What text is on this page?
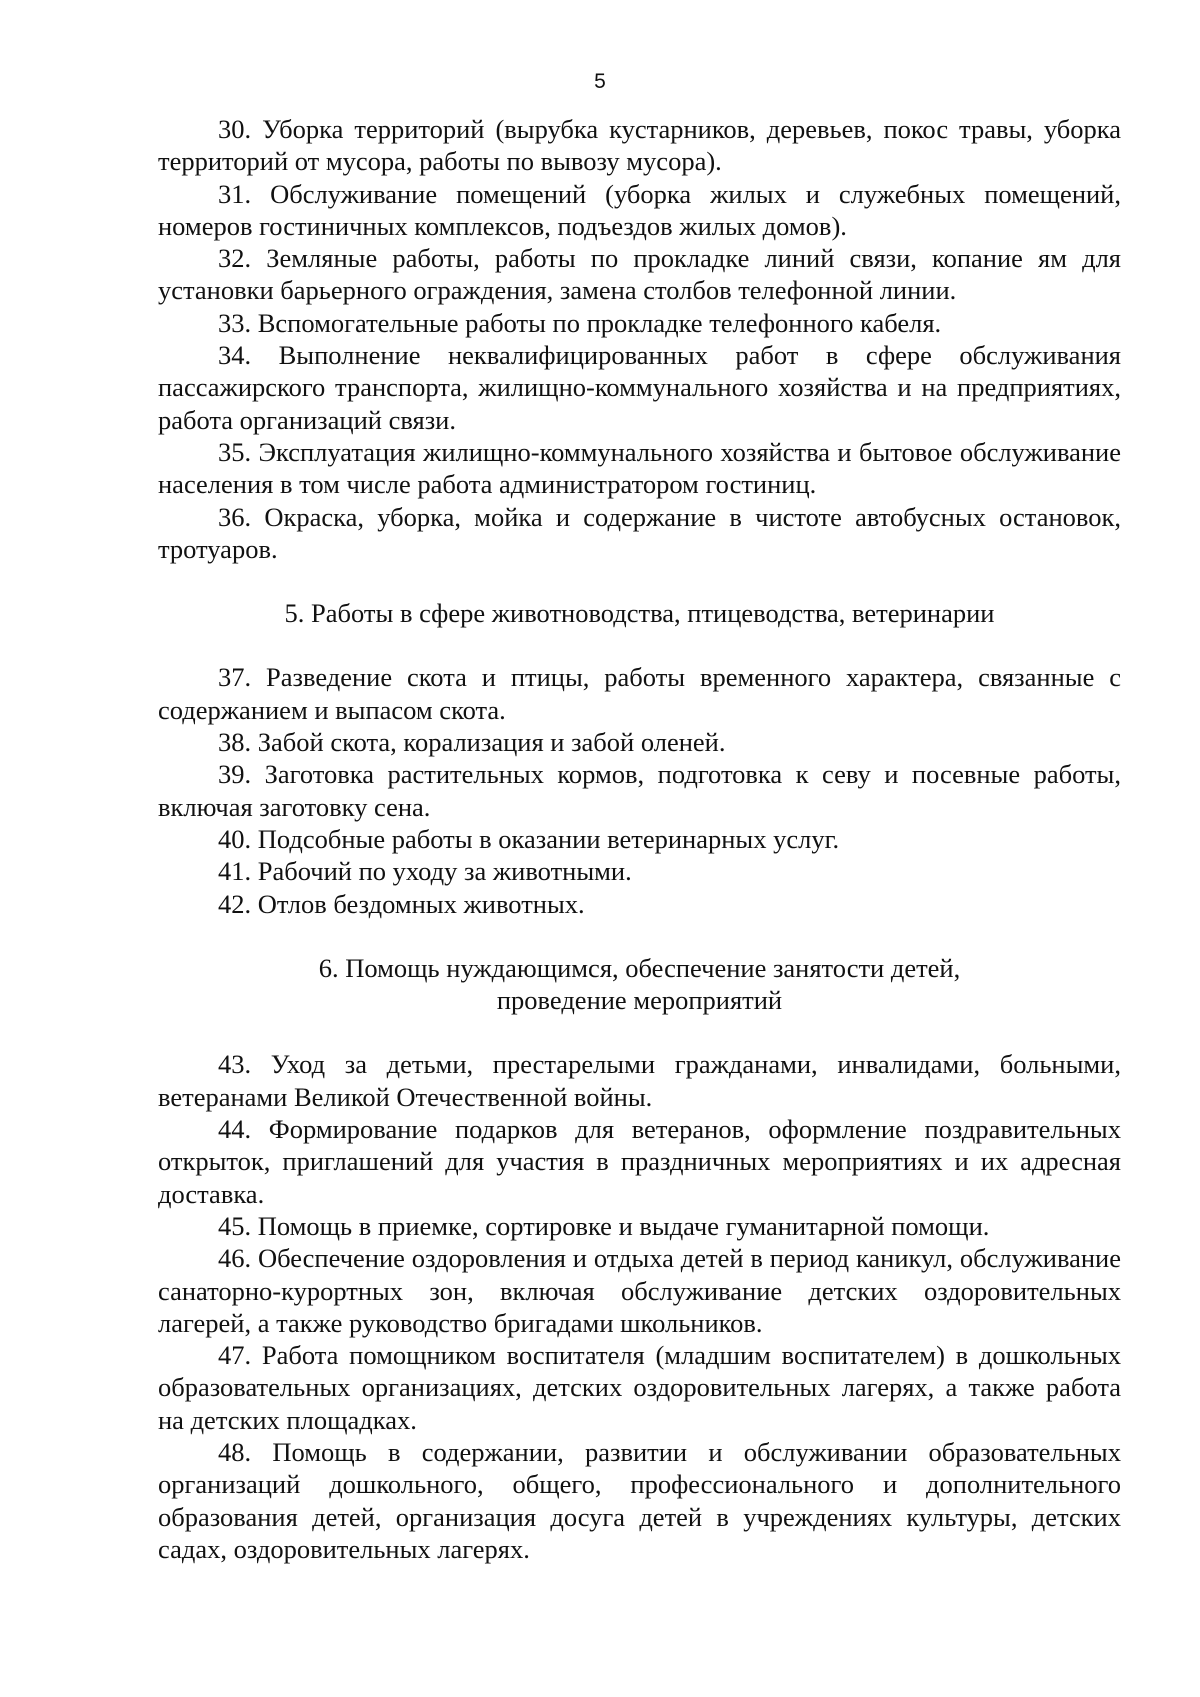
5

30. Уборка территорий (вырубка кустарников, деревьев, покос травы, уборка территорий от мусора, работы по вывозу мусора).

31. Обслуживание помещений (уборка жилых и служебных помещений, номеров гостиничных комплексов, подъездов жилых домов).

32. Земляные работы, работы по прокладке линий связи, копание ям для установки барьерного ограждения, замена столбов телефонной линии.

33. Вспомогательные работы по прокладке телефонного кабеля.

34. Выполнение неквалифицированных работ в сфере обслуживания пассажирского транспорта, жилищно-коммунального хозяйства и на предприятиях, работа организаций связи.

35. Эксплуатация жилищно-коммунального хозяйства и бытовое обслуживание населения в том числе работа администратором гостиниц.

36. Окраска, уборка, мойка и содержание в чистоте автобусных остановок, тротуаров.

5. Работы в сфере животноводства, птицеводства, ветеринарии

37. Разведение скота и птицы, работы временного характера, связанные с содержанием и выпасом скота.

38. Забой скота, корализация и забой оленей.

39. Заготовка растительных кормов, подготовка к севу и посевные работы, включая заготовку сена.

40. Подсобные работы в оказании ветеринарных услуг.

41. Рабочий по уходу за животными.

42. Отлов бездомных животных.

6. Помощь нуждающимся, обеспечение занятости детей,
проведение мероприятий

43. Уход за детьми, престарелыми гражданами, инвалидами, больными, ветеранами Великой Отечественной войны.

44. Формирование подарков для ветеранов, оформление поздравительных открыток, приглашений для участия в праздничных мероприятиях и их адресная доставка.

45. Помощь в приемке, сортировке и выдаче гуманитарной помощи.

46. Обеспечение оздоровления и отдыха детей в период каникул, обслуживание санаторно-курортных зон, включая обслуживание детских оздоровительных лагерей, а также руководство бригадами школьников.

47. Работа помощником воспитателя (младшим воспитателем) в дошкольных образовательных организациях, детских оздоровительных лагерях, а также работа на детских площадках.

48. Помощь в содержании, развитии и обслуживании образовательных организаций дошкольного, общего, профессионального и дополнительного образования детей, организация досуга детей в учреждениях культуры, детских садах, оздоровительных лагерях.
